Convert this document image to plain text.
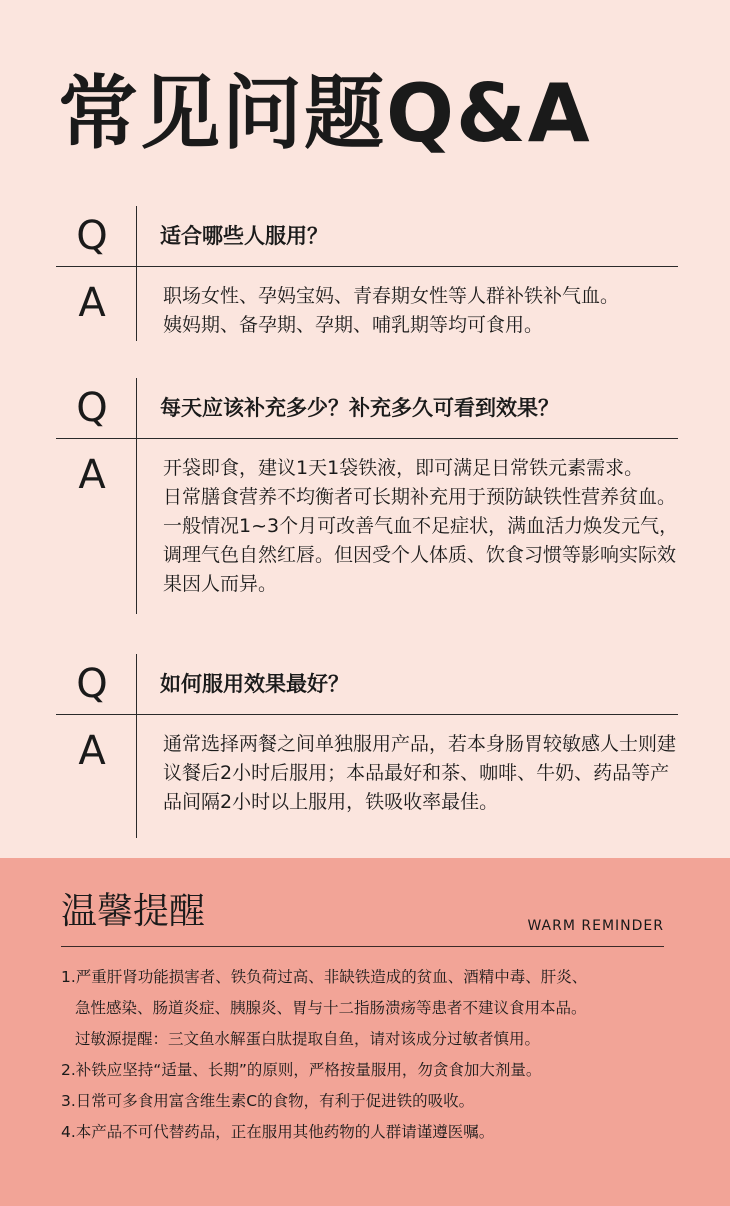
常见问题Q&A
Q	适合哪些人服用？
A	职场女性、孕妈宝妈、青春期女性等人群补铁补气血。

姨妈期、备孕期、孕期、哺乳期等均可食用。

Q	每天应该补充多少？补充多久可看到效果？
A	开袋即食，建议1天1袋铁液，即可满足日常铁元素需求。

日常膳食营养不均衡者可长期补充用于预防缺铁性营养贫血。

一般情况1~3个月可改善气血不足症状，满血活力焕发元气，调理气色自然红唇。但因受个人体质、饮食习惯等影响实际效果因人而异。

Q	如何服用效果最好？
A	通常选择两餐之间单独服用产品，若本身肠胃较敏感人士则建议餐后2小时后服用；本品最好和茶、咖啡、牛奶、药品等产品间隔2小时以上服用，铁吸收率最佳。

温馨提醒	WARM REMINDER

1.严重肝肾功能损害者、铁负荷过高、非缺铁造成的贫血、酒精中毒、肝炎、

急性感染、肠道炎症、胰腺炎、胃与十二指肠溃疡等患者不建议食用本品。

过敏源提醒：三文鱼水解蛋白肽提取自鱼，请对该成分过敏者慎用。

2.补铁应坚持“适量、长期”的原则，严格按量服用，勿贪食加大剂量。

3.日常可多食用富含维生素C的食物，有利于促进铁的吸收。

4.本产品不可代替药品，正在服用其他药物的人群请谨遵医嘱。
